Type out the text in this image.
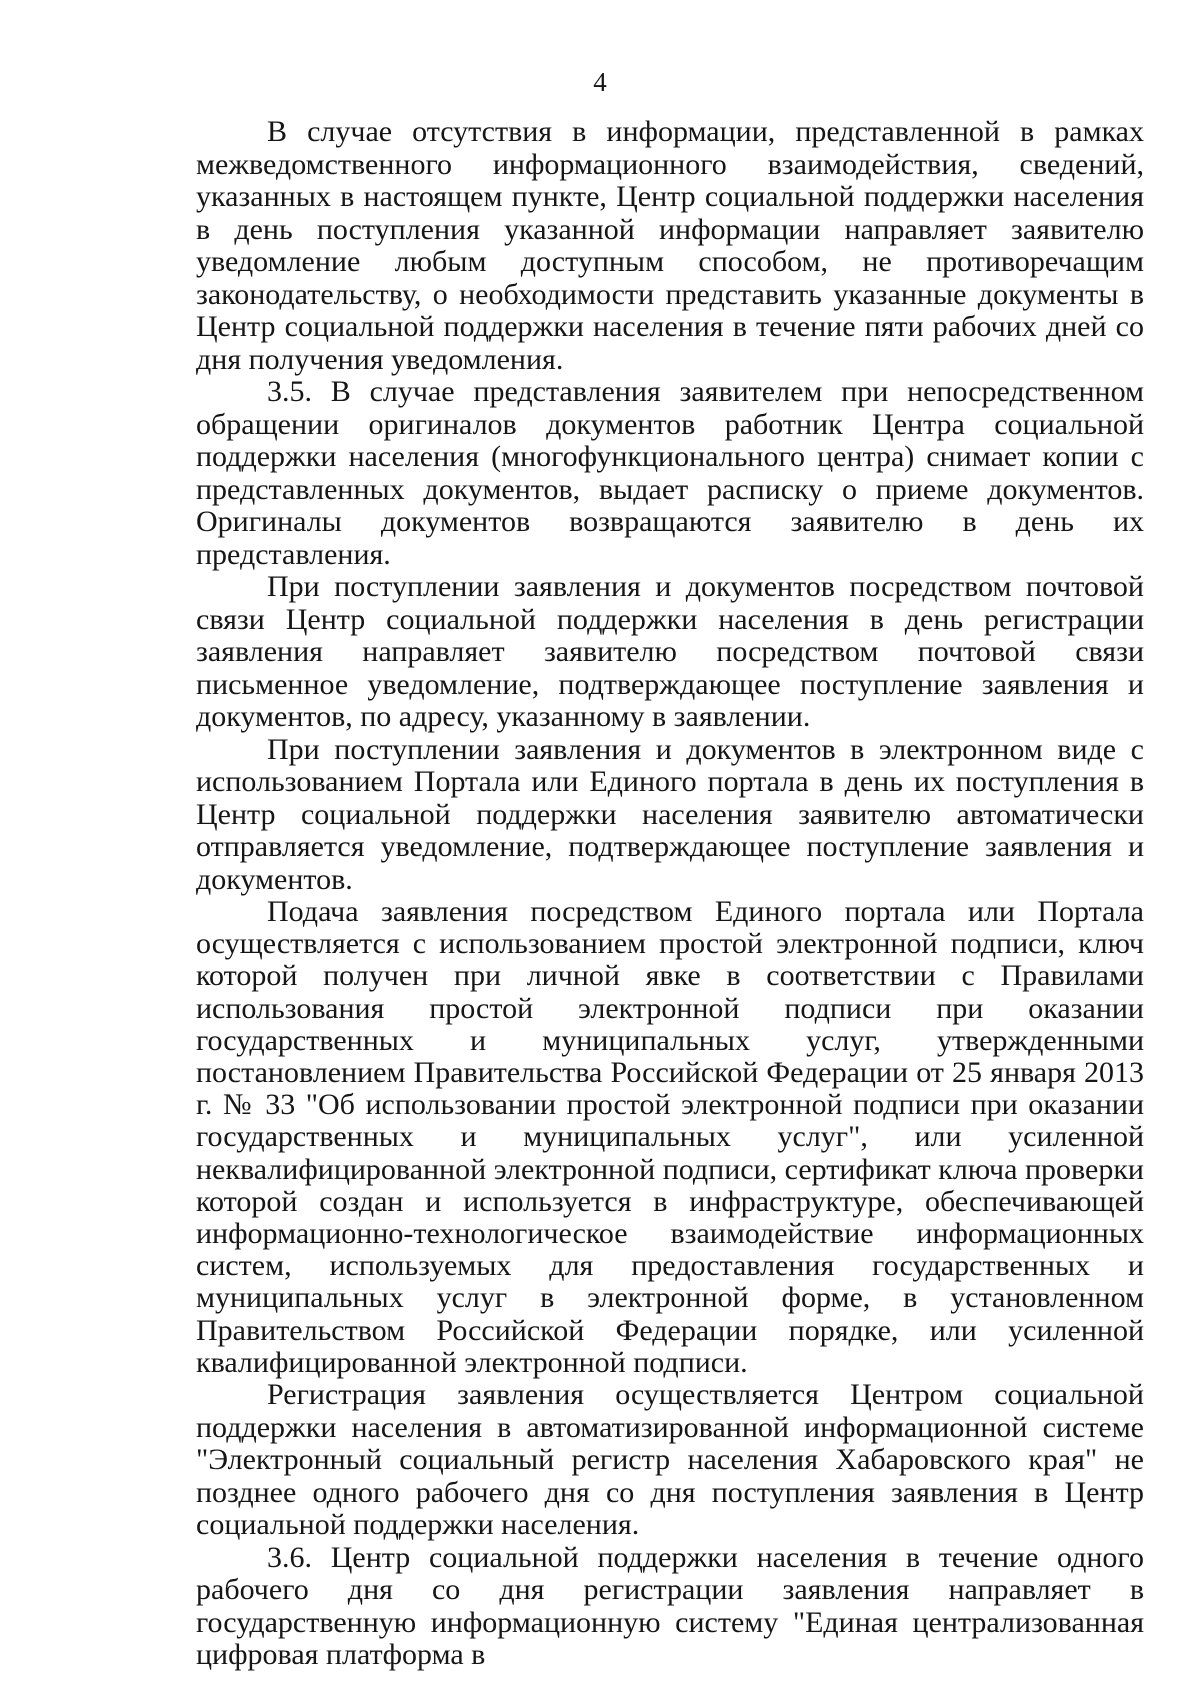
4

В случае отсутствия в информации, представленной в рамках межведомственного информационного взаимодействия, сведений, указанных в настоящем пункте, Центр социальной поддержки населения в день поступления указанной информации направляет заявителю уведомление любым доступным способом, не противоречащим законодательству, о необходимости представить указанные документы в Центр социальной поддержки населения в течение пяти рабочих дней со дня получения уведомления.

3.5. В случае представления заявителем при непосредственном обращении оригиналов документов работник Центра социальной поддержки населения (многофункционального центра) снимает копии с представленных документов, выдает расписку о приеме документов. Оригиналы документов возвращаются заявителю в день их представления.

При поступлении заявления и документов посредством почтовой связи Центр социальной поддержки населения в день регистрации заявления направляет заявителю посредством почтовой связи письменное уведомление, подтверждающее поступление заявления и документов, по адресу, указанному в заявлении.

При поступлении заявления и документов в электронном виде с использованием Портала или Единого портала в день их поступления в Центр социальной поддержки населения заявителю автоматически отправляется уведомление, подтверждающее поступление заявления и документов.

Подача заявления посредством Единого портала или Портала осуществляется с использованием простой электронной подписи, ключ которой получен при личной явке в соответствии с Правилами использования простой электронной подписи при оказании государственных и муниципальных услуг, утвержденными постановлением Правительства Российской Федерации от 25 января 2013 г. № 33 "Об использовании простой электронной подписи при оказании государственных и муниципальных услуг", или усиленной неквалифицированной электронной подписи, сертификат ключа проверки которой создан и используется в инфраструктуре, обеспечивающей информационно-технологическое взаимодействие информационных систем, используемых для предоставления государственных и муниципальных услуг в электронной форме, в установленном Правительством Российской Федерации порядке, или усиленной квалифицированной электронной подписи.

Регистрация заявления осуществляется Центром социальной поддержки населения в автоматизированной информационной системе "Электронный социальный регистр населения Хабаровского края" не позднее одного рабочего дня со дня поступления заявления в Центр социальной поддержки населения.

3.6. Центр социальной поддержки населения в течение одного рабочего дня со дня регистрации заявления направляет в государственную информационную систему "Единая централизованная цифровая платформа в
